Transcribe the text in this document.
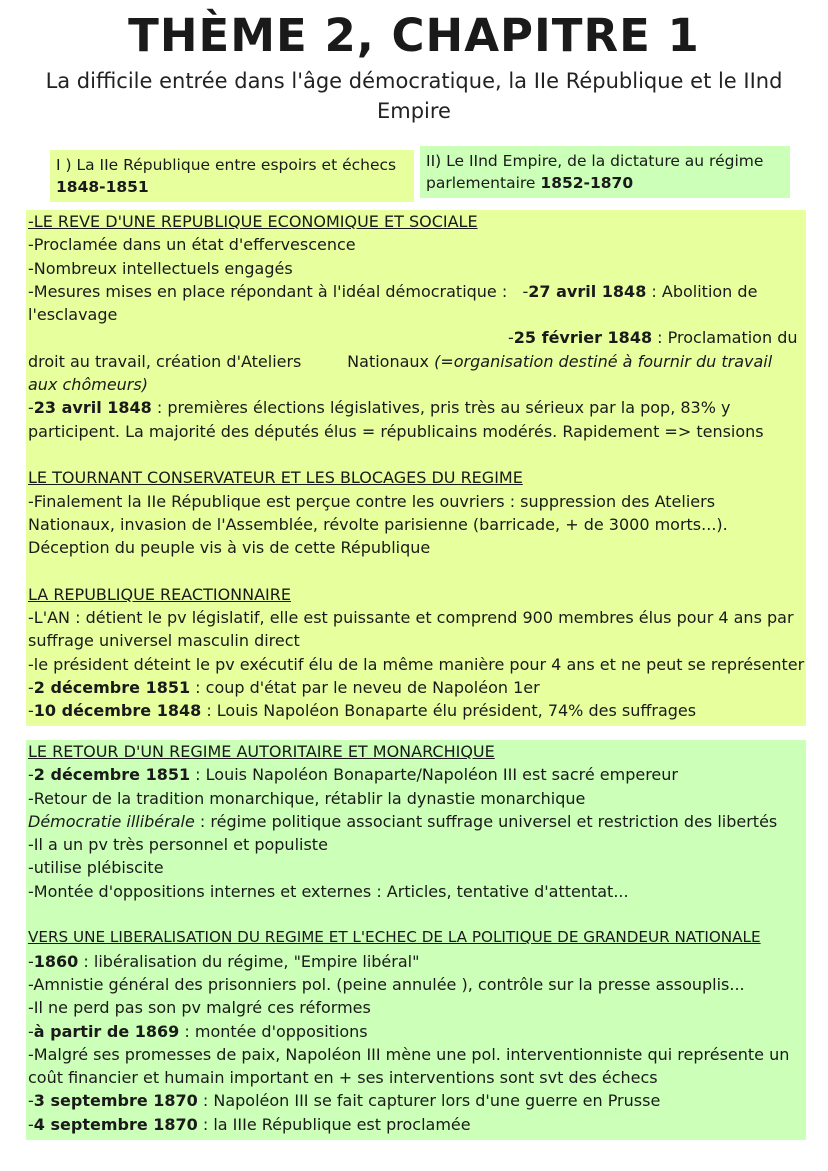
THÈME 2, CHAPITRE 1

La difficile entrée dans l'âge démocratique, la IIe République et le IInd Empire

I ) La IIe République entre espoirs et échecs
1848-1851
II) Le IInd Empire, de la dictature au régime parlementaire 1852-1870
-LE REVE D'UNE REPUBLIQUE ECONOMIQUE ET SOCIALE
-Proclamée dans un état d'effervescence
-Nombreux intellectuels engagés
-Mesures mises en place répondant à l'idéal démocratique : -27 avril 1848 : Abolition de
l'esclavage
-25 février 1848 : Proclamation du
droit au travail, création d'Ateliers	Nationaux (=organisation destiné à fournir du travail aux chômeurs)
-23 avril 1848 : premières élections législatives, pris très au sérieux par la pop, 83% y participent. La majorité des députés élus = républicains modérés. Rapidement => tensions
LE TOURNANT CONSERVATEUR ET LES BLOCAGES DU REGIME
-Finalement la IIe République est perçue contre les ouvriers : suppression des Ateliers Nationaux, invasion de l'Assemblée, révolte parisienne (barricade, + de 3000 morts...). Déception du peuple vis à vis de cette République
LA REPUBLIQUE REACTIONNAIRE
-L'AN : détient le pv législatif, elle est puissante et comprend 900 membres élus pour 4 ans par suffrage universel masculin direct
-le président déteint le pv exécutif élu de la même manière pour 4 ans et ne peut se représenter
-2 décembre 1851 : coup d'état par le neveu de Napoléon 1er
-10 décembre 1848 : Louis Napoléon Bonaparte élu président, 74% des suffrages
LE RETOUR D'UN REGIME AUTORITAIRE ET MONARCHIQUE
-2 décembre 1851 : Louis Napoléon Bonaparte/Napoléon III est sacré empereur
-Retour de la tradition monarchique, rétablir la dynastie monarchique
Démocratie illibérale : régime politique associant suffrage universel et restriction des libertés
-Il a un pv très personnel et populiste
-utilise plébiscite
-Montée d'oppositions internes et externes : Articles, tentative d'attentat...
VERS UNE LIBERALISATION DU REGIME ET L'ECHEC DE LA POLITIQUE DE GRANDEUR NATIONALE
-1860 : libéralisation du régime, "Empire libéral"
-Amnistie général des prisonniers pol. (peine annulée ), contrôle sur la presse assouplis...
-Il ne perd pas son pv malgré ces réformes
-à partir de 1869 : montée d'oppositions
-Malgré ses promesses de paix, Napoléon III mène une pol. interventionniste qui représente un coût financier et humain important en + ses interventions sont svt des échecs
-3 septembre 1870 : Napoléon III se fait capturer lors d'une guerre en Prusse
-4 septembre 1870 : la IIIe République est proclamée
